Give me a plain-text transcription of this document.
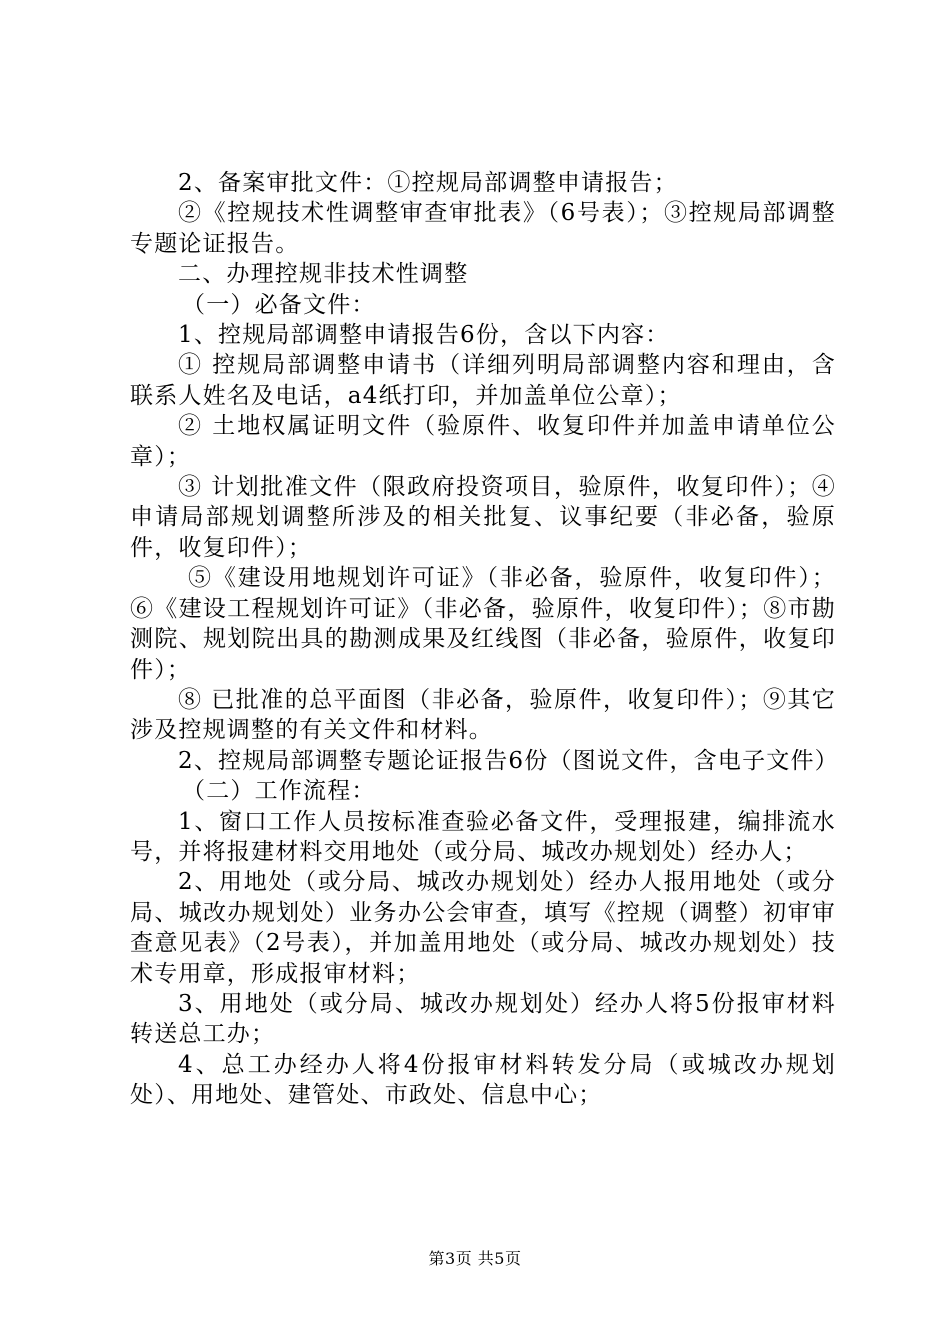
2、备案审批文件：①控规局部调整申请报告；

②《控规技术性调整审查审批表》（6号表）；③控规局部调整专题论证报告。

二、办理控规非技术性调整

（一）必备文件：

1、控规局部调整申请报告6份，含以下内容：

① 控规局部调整申请书（详细列明局部调整内容和理由，含联系人姓名及电话，a4纸打印，并加盖单位公章）；

② 土地权属证明文件（验原件、收复印件并加盖申请单位公章）；

③ 计划批准文件（限政府投资项目，验原件，收复印件）；④申请局部规划调整所涉及的相关批复、议事纪要（非必备，验原件，收复印件）；

⑤《建设用地规划许可证》（非必备，验原件，收复印件）；⑥《建设工程规划许可证》（非必备，验原件，收复印件）；⑧市勘测院、规划院出具的勘测成果及红线图（非必备，验原件，收复印件）；

⑧ 已批准的总平面图（非必备，验原件，收复印件）；⑨其它涉及控规调整的有关文件和材料。

2、控规局部调整专题论证报告6份（图说文件，含电子文件）

（二）工作流程：

1、窗口工作人员按标准查验必备文件，受理报建，编排流水号，并将报建材料交用地处（或分局、城改办规划处）经办人；

2、用地处（或分局、城改办规划处）经办人报用地处（或分局、城改办规划处）业务办公会审查，填写《控规（调整）初审审查意见表》（2号表），并加盖用地处（或分局、城改办规划处）技术专用章，形成报审材料；

3、用地处（或分局、城改办规划处）经办人将5份报审材料转送总工办；

4、总工办经办人将4份报审材料转发分局（或城改办规划处）、用地处、建管处、市政处、信息中心；

第3页 共5页
